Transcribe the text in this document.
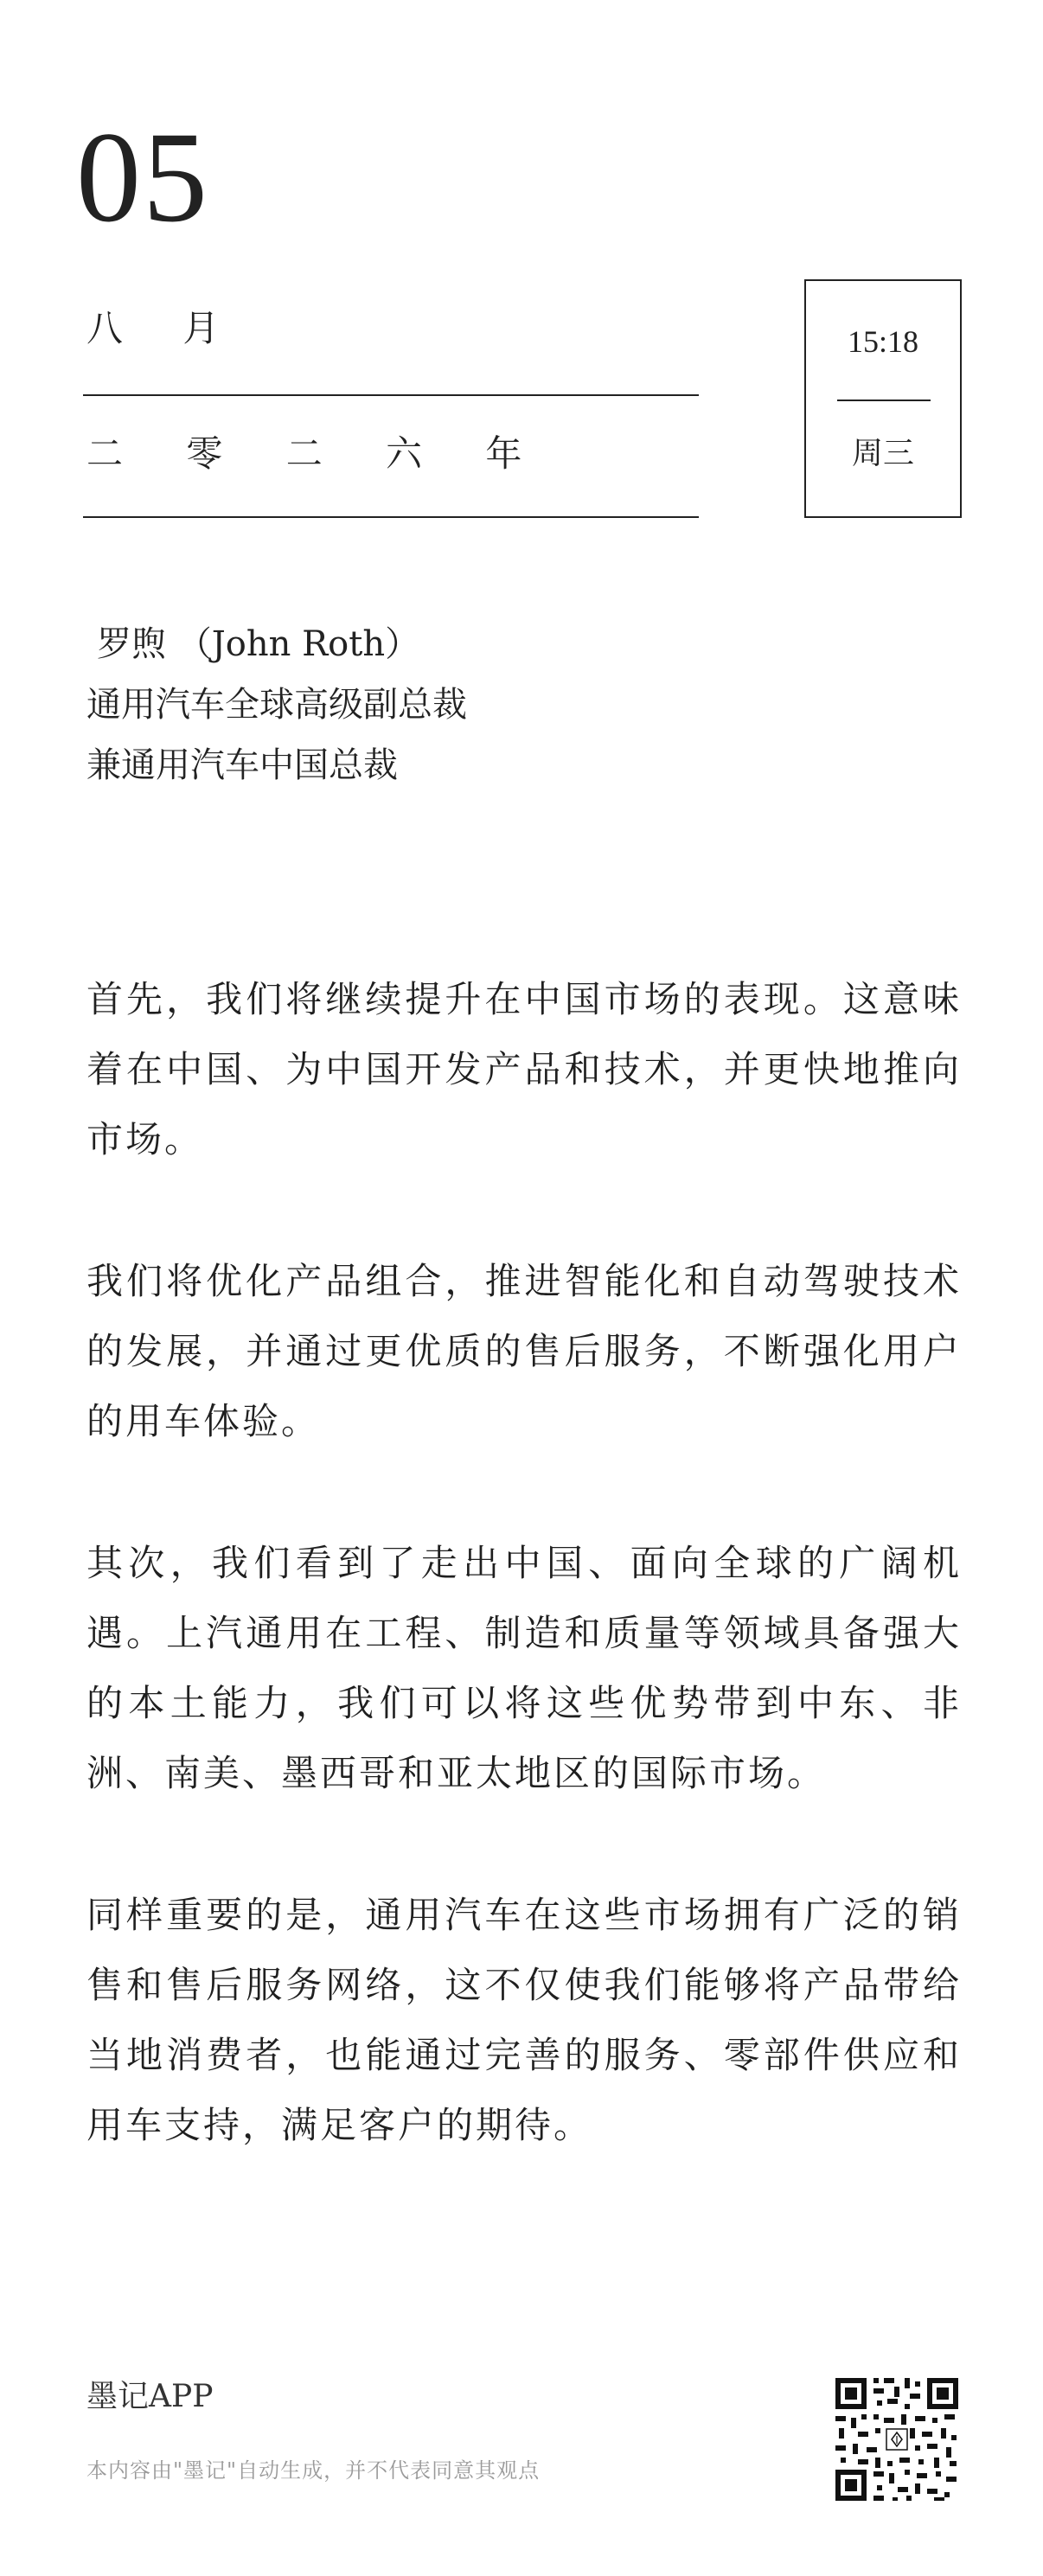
05
八 月
二 零 二 六 年
15:18
周三
罗煦 （John Roth）
通用汽车全球高级副总裁
兼通用汽车中国总裁

首先，我们将继续提升在中国市场的表现。这意味着在中国、为中国开发产品和技术，并更快地推向市场。

我们将优化产品组合，推进智能化和自动驾驶技术的发展，并通过更优质的售后服务，不断强化用户的用车体验。

其次，我们看到了走出中国、面向全球的广阔机遇。上汽通用在工程、制造和质量等领域具备强大的本土能力，我们可以将这些优势带到中东、非洲、南美、墨西哥和亚太地区的国际市场。

同样重要的是，通用汽车在这些市场拥有广泛的销售和售后服务网络，这不仅使我们能够将产品带给当地消费者，也能通过完善的服务、零部件供应和用车支持，满足客户的期待。

墨记APP
本内容由"墨记"自动生成，并不代表同意其观点
